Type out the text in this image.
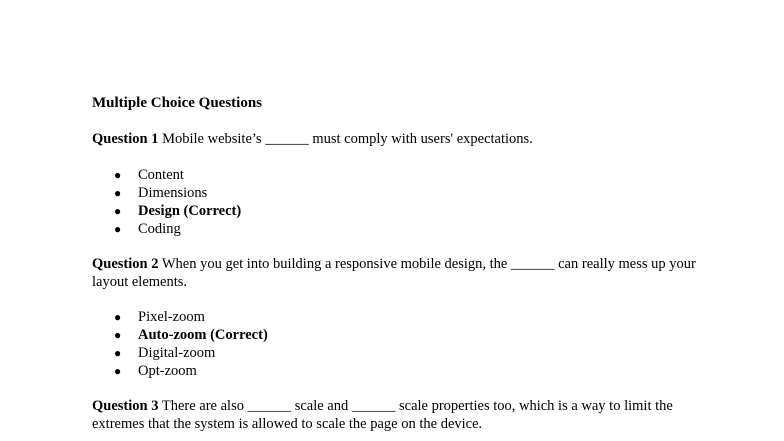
Multiple Choice Questions

Question 1 Mobile website’s ______ must comply with users' expectations.

● Content
● Dimensions
● Design (Correct)
● Coding

Question 2 When you get into building a responsive mobile design, the ______ can really mess up your layout elements.

● Pixel-zoom
● Auto-zoom (Correct)
● Digital-zoom
● Opt-zoom

Question 3 There are also ______ scale and ______ scale properties too, which is a way to limit the extremes that the system is allowed to scale the page on the device.
